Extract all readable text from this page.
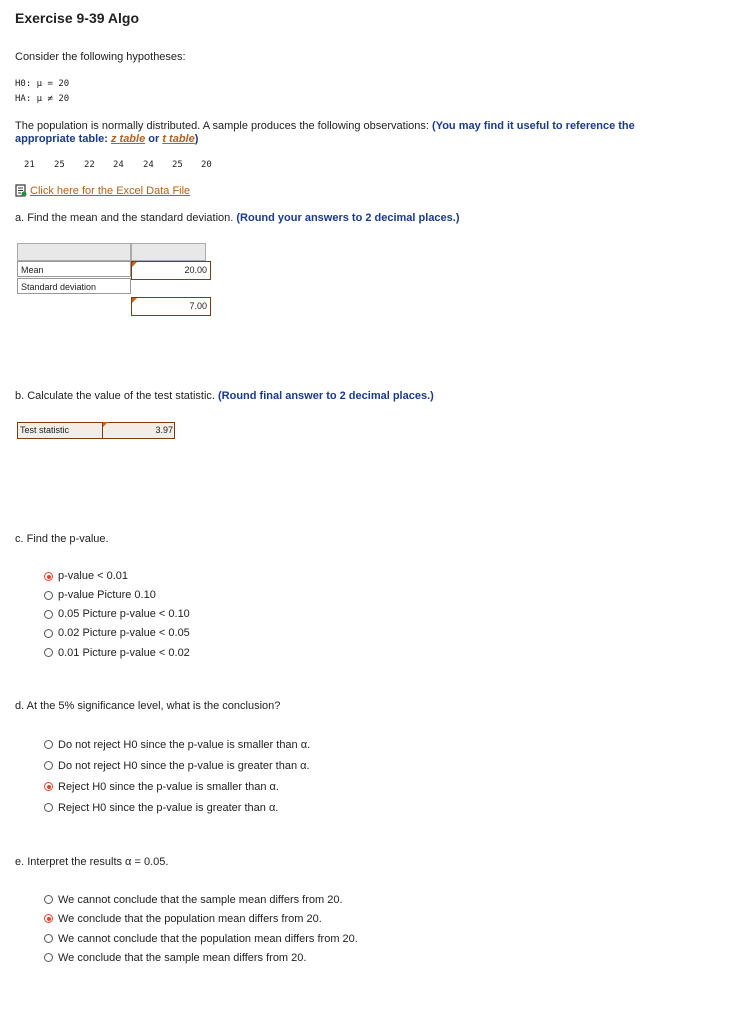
Exercise 9-39 Algo
Consider the following hypotheses:
H0: μ = 20
HA: μ ≠ 20
The population is normally distributed. A sample produces the following observations: (You may find it useful to reference the
appropriate table: z table or t table)
21 25 22 24 24 25 20
Click here for the Excel Data File
a. Find the mean and the standard deviation. (Round your answers to 2 decimal places.)
Mean	20.00
Standard deviation
7.00
b. Calculate the value of the test statistic. (Round final answer to 2 decimal places.)
Test statistic	3.97
c. Find the p-value.
p-value < 0.01
p-value Picture 0.10
0.05 Picture p-value < 0.10
0.02 Picture p-value < 0.05
0.01 Picture p-value < 0.02
d. At the 5% significance level, what is the conclusion?
Do not reject H0 since the p-value is smaller than α.
Do not reject H0 since the p-value is greater than α.
Reject H0 since the p-value is smaller than α.
Reject H0 since the p-value is greater than α.
e. Interpret the results α = 0.05.
We cannot conclude that the sample mean differs from 20.
We conclude that the population mean differs from 20.
We cannot conclude that the population mean differs from 20.
We conclude that the sample mean differs from 20.
